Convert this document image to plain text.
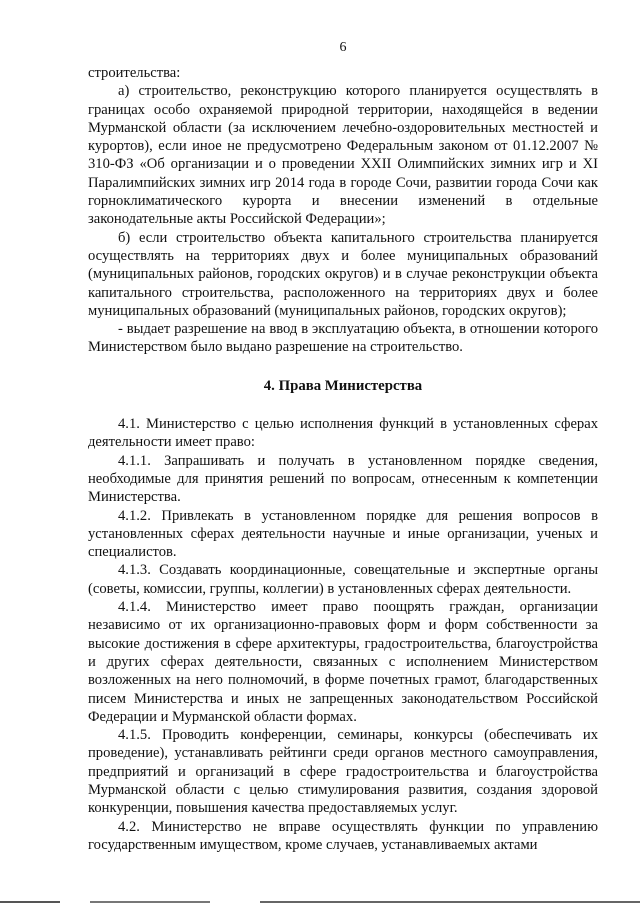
6

строительства:

а) строительство, реконструкцию которого планируется осуществлять в границах особо охраняемой природной территории, находящейся в ведении Мурманской области (за исключением лечебно-оздоровительных местностей и курортов), если иное не предусмотрено Федеральным законом от 01.12.2007 № 310-ФЗ «Об организации и о проведении XXII Олимпийских зимних игр и XI Паралимпийских зимних игр 2014 года в городе Сочи, развитии города Сочи как горноклиматического курорта и внесении изменений в отдельные законодательные акты Российской Федерации»;

б) если строительство объекта капитального строительства планируется осуществлять на территориях двух и более муниципальных образований (муниципальных районов, городских округов) и в случае реконструкции объекта капитального строительства, расположенного на территориях двух и более муниципальных образований (муниципальных районов, городских округов);

- выдает разрешение на ввод в эксплуатацию объекта, в отношении которого Министерством было выдано разрешение на строительство.

4. Права Министерства

4.1. Министерство с целью исполнения функций в установленных сферах деятельности имеет право:

4.1.1. Запрашивать и получать в установленном порядке сведения, необходимые для принятия решений по вопросам, отнесенным к компетенции Министерства.

4.1.2. Привлекать в установленном порядке для решения вопросов в установленных сферах деятельности научные и иные организации, ученых и специалистов.

4.1.3. Создавать координационные, совещательные и экспертные органы (советы, комиссии, группы, коллегии) в установленных сферах деятельности.

4.1.4. Министерство имеет право поощрять граждан, организации независимо от их организационно-правовых форм и форм собственности за высокие достижения в сфере архитектуры, градостроительства, благоустройства и других сферах деятельности, связанных с исполнением Министерством возложенных на него полномочий, в форме почетных грамот, благодарственных писем Министерства и иных не запрещенных законодательством Российской Федерации и Мурманской области формах.

4.1.5. Проводить конференции, семинары, конкурсы (обеспечивать их проведение), устанавливать рейтинги среди органов местного самоуправления, предприятий и организаций в сфере градостроительства и благоустройства Мурманской области с целью стимулирования развития, создания здоровой конкуренции, повышения качества предоставляемых услуг.

4.2. Министерство не вправе осуществлять функции по управлению государственным имуществом, кроме случаев, устанавливаемых актами
